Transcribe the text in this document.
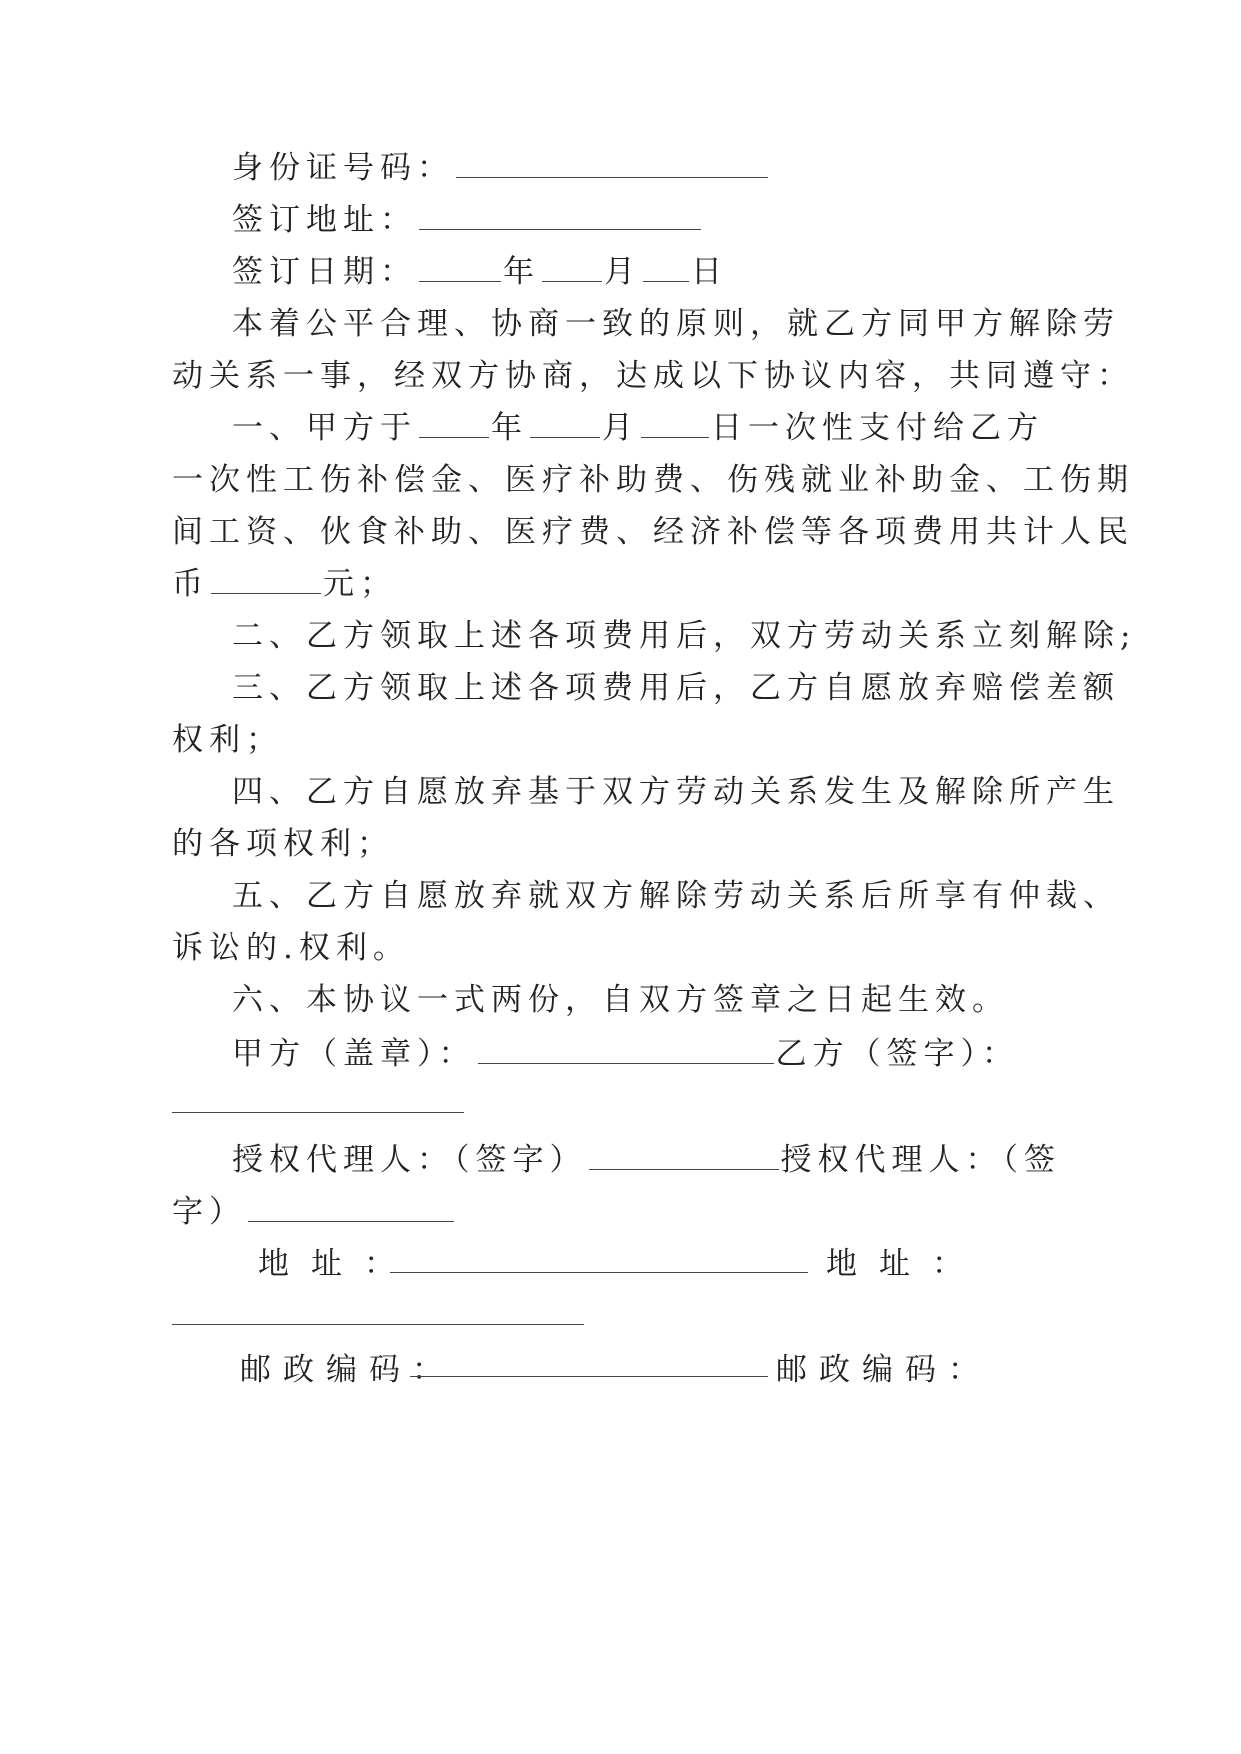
身份证号码：
签订地址：
签订日期：	年 月 日
本着公平合理、协商一致的原则，就乙方同甲方解除劳
动关系一事，经双方协商，达成以下协议内容，共同遵守：
一、甲方于 年 月 日一次性支付给乙方
一次性工伤补偿金、医疗补助费、伤残就业补助金、工伤期
间工资、伙食补助、医疗费、经济补偿等各项费用共计人民
币	元；
二、乙方领取上述各项费用后，双方劳动关系立刻解除;
三、乙方领取上述各项费用后，乙方自愿放弃赔偿差额
权利；
四、乙方自愿放弃基于双方劳动关系发生及解除所产生
的各项权利；
五、乙方自愿放弃就双方解除劳动关系后所享有仲裁、
诉讼的.权利。
六、本协议一式两份，自双方签章之日起生效。
甲方（盖章）：	乙方（签字）：
授权代理人：（签字）	授权代理人：（签
字）
地址：	地址：
邮政编码：	邮政编码：
